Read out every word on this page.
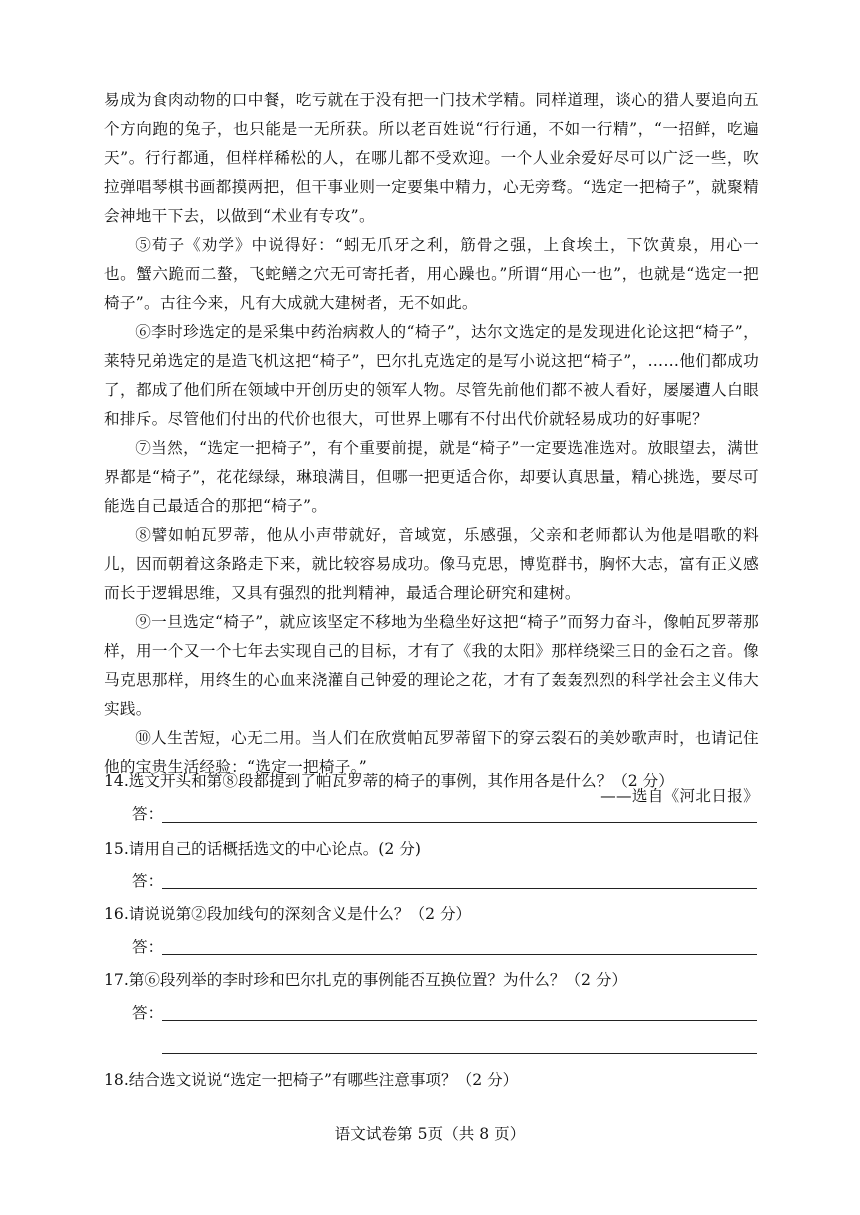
易成为食肉动物的口中餐，吃亏就在于没有把一门技术学精。同样道理，谈心的猎人要追向五个方向跑的兔子，也只能是一无所获。所以老百姓说“行行通，不如一行精”，“一招鲜，吃遍天”。行行都通，但样样稀松的人，在哪儿都不受欢迎。一个人业余爱好尽可以广泛一些，吹拉弹唱琴棋书画都摸两把，但干事业则一定要集中精力，心无旁骛。“选定一把椅子”，就聚精会神地干下去，以做到“术业有专攻”。

⑤荀子《劝学》中说得好：“蚓无爪牙之利，筋骨之强，上食埃土，下饮黄泉，用心一也。蟹六跪而二螯，飞蛇鳝之穴无可寄托者，用心躁也。”所谓“用心一也”，也就是“选定一把椅子”。古往今来，凡有大成就大建树者，无不如此。

⑥李时珍选定的是采集中药治病救人的“椅子”，达尔文选定的是发现进化论这把“椅子”，莱特兄弟选定的是造飞机这把“椅子”，巴尔扎克选定的是写小说这把“椅子”，……他们都成功了，都成了他们所在领域中开创历史的领军人物。尽管先前他们都不被人看好，屡屡遭人白眼和排斥。尽管他们付出的代价也很大，可世界上哪有不付出代价就轻易成功的好事呢？

⑦当然，“选定一把椅子”，有个重要前提，就是“椅子”一定要选准选对。放眼望去，满世界都是“椅子”，花花绿绿，琳琅满目，但哪一把更适合你，却要认真思量，精心挑选，要尽可能选自己最适合的那把“椅子”。

⑧譬如帕瓦罗蒂，他从小声带就好，音域宽，乐感强，父亲和老师都认为他是唱歌的料儿，因而朝着这条路走下来，就比较容易成功。像马克思，博览群书，胸怀大志，富有正义感而长于逻辑思维，又具有强烈的批判精神，最适合理论研究和建树。

⑨一旦选定“椅子”，就应该坚定不移地为坐稳坐好这把“椅子”而努力奋斗，像帕瓦罗蒂那样，用一个又一个七年去实现自己的目标，才有了《我的太阳》那样绕梁三日的金石之音。像马克思那样，用终生的心血来浇灌自己钟爱的理论之花，才有了轰轰烈烈的科学社会主义伟大实践。

⑩人生苦短，心无二用。当人们在欣赏帕瓦罗蒂留下的穿云裂石的美妙歌声时，也请记住他的宝贵生活经验：“选定一把椅子。”

——选自《河北日报》

14.选文开头和第⑧段都提到了帕瓦罗蒂的椅子的事例，其作用各是什么？（2 分）
答：
15.请用自己的话概括选文的中心论点。(2 分)
答：
16.请说说第②段加线句的深刻含义是什么？（2 分）
答：
17.第⑥段列举的李时珍和巴尔扎克的事例能否互换位置？为什么？（2 分）
答：
18.结合选文说说“选定一把椅子”有哪些注意事项？（2 分）
语文试卷第 5页（共 8 页）
